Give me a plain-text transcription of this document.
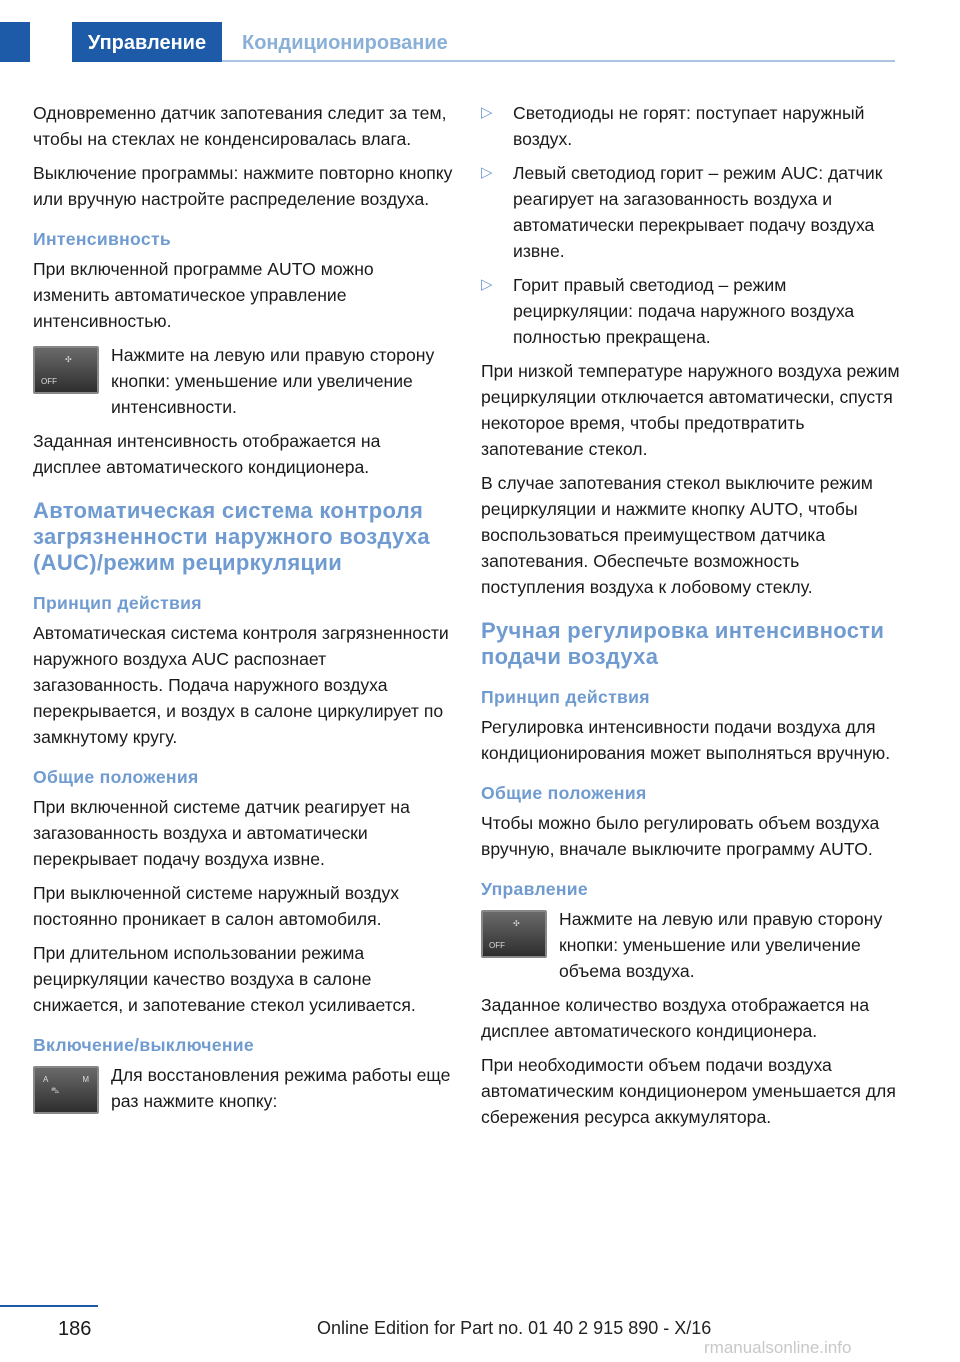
Управление	Кондиционирование

Одновременно датчик запотевания следит за тем, чтобы на стеклах не конденсировалась влага.

Выключение программы: нажмите повторно кнопку или вручную настройте распределение воздуха.

Интенсивность

При включенной программе AUTO можно изменить автоматическое управление интенсивностью.

OFF
✣	Нажмите на левую или правую сторону кнопки: уменьшение или увеличение интенсивности.

Заданная интенсивность отображается на дисплее автоматического кондиционера.

Автоматическая система контроля загрязненности наружного воздуха (AUC)/режим рециркуляции
Принцип действия

Автоматическая система контроля загрязненности наружного воздуха AUC распознает загазованность. Подача наружного воздуха перекрывается, и воздух в салоне циркулирует по замкнутому кругу.

Общие положения

При включенной системе датчик реагирует на загазованность воздуха и автоматически перекрывает подачу воздуха извне.

При выключенной системе наружный воздух постоянно проникает в салон автомобиля.

При длительном использовании режима рециркуляции качество воздуха в салоне снижается, и запотевание стекол усиливается.

Включение/выключение
A	M
⛍

Для восстановления режима работы еще раз нажмите кнопку:

▷ Светодиоды не горят: поступает наружный воздух.
▷ Левый светодиод горит – режим AUC: датчик реагирует на загазованность воздуха и автоматически перекрывает подачу воздуха извне.
▷ Горит правый светодиод – режим рециркуляции: подача наружного воздуха полностью прекращена.

При низкой температуре наружного воздуха режим рециркуляции отключается автоматически, спустя некоторое время, чтобы предотвратить запотевание стекол.

В случае запотевания стекол выключите режим рециркуляции и нажмите кнопку AUTO, чтобы воспользоваться преимуществом датчика запотевания. Обеспечьте возможность поступления воздуха к лобовому стеклу.

Ручная регулировка интенсивности подачи воздуха
Принцип действия

Регулировка интенсивности подачи воздуха для кондиционирования может выполняться вручную.

Общие положения

Чтобы можно было регулировать объем воздуха вручную, вначале выключите программу AUTO.

Управление
OFF
✣	Нажмите на левую или правую сторону кнопки: уменьшение или увеличение объема воздуха.

Заданное количество воздуха отображается на дисплее автоматического кондиционера.

При необходимости объем подачи воздуха автоматическим кондиционером уменьшается для сбережения ресурса аккумулятора.

186	Online Edition for Part no. 01 40 2 915 890 - X/16
rmanualsonline.info
